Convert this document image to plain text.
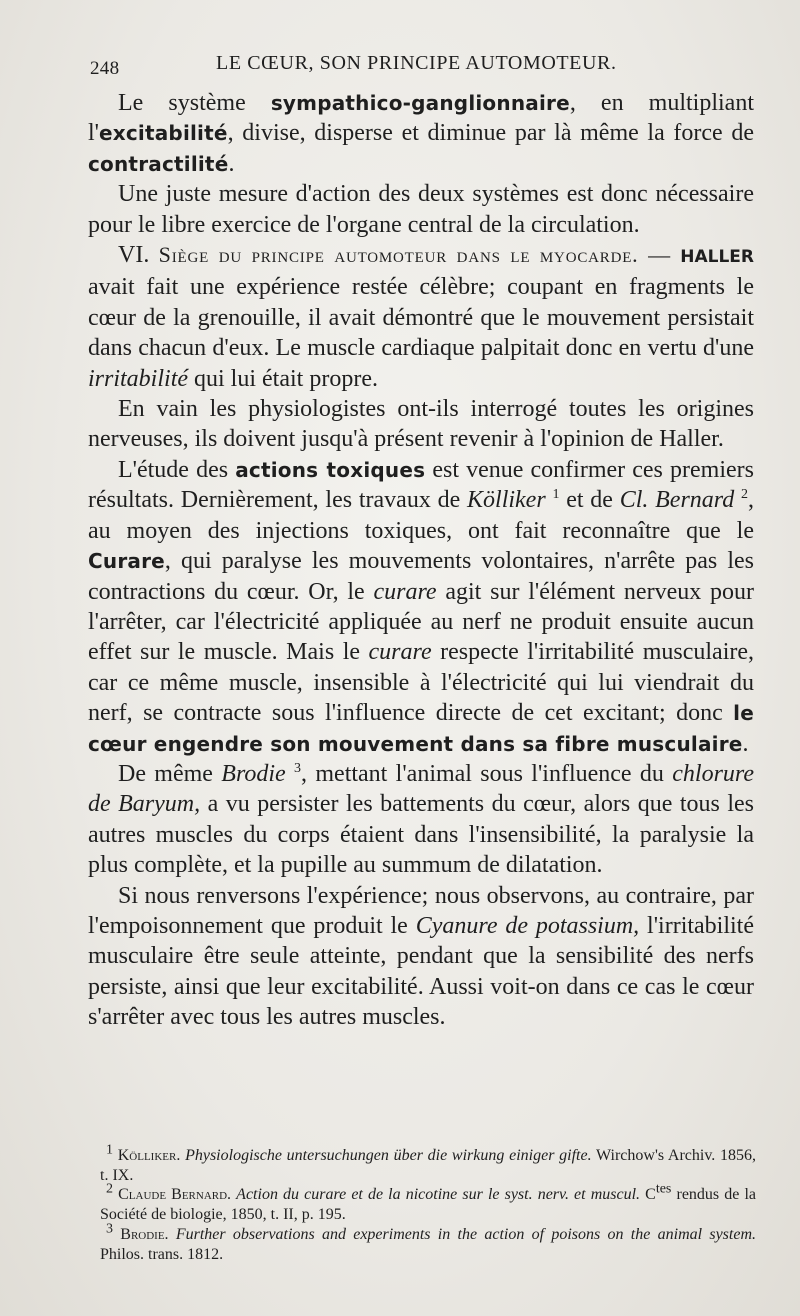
248	LE CŒUR, SON PRINCIPE AUTOMOTEUR.

Le système sympathico-ganglionnaire, en multipliant l'excitabilité, divise, disperse et diminue par là même la force de contractilité.

Une juste mesure d'action des deux systèmes est donc nécessaire pour le libre exercice de l'organe central de la circulation.

VI. Siège du principe automoteur dans le myocarde. — HALLER avait fait une expérience restée célèbre; coupant en fragments le cœur de la grenouille, il avait démontré que le mouvement persistait dans chacun d'eux. Le muscle cardiaque palpitait donc en vertu d'une irritabilité qui lui était propre.

En vain les physiologistes ont-ils interrogé toutes les origines nerveuses, ils doivent jusqu'à présent revenir à l'opinion de Haller.

L'étude des actions toxiques est venue confirmer ces premiers résultats. Dernièrement, les travaux de Kölliker $^1$ et de Cl. Bernard $^2$, au moyen des injections toxiques, ont fait reconnaître que le Curare, qui paralyse les mouvements volontaires, n'arrête pas les contractions du cœur. Or, le curare agit sur l'élément nerveux pour l'arrêter, car l'électricité appliquée au nerf ne produit ensuite aucun effet sur le muscle. Mais le curare respecte l'irritabilité musculaire, car ce même muscle, insensible à l'électricité qui lui viendrait du nerf, se contracte sous l'influence directe de cet excitant; donc le cœur engendre son mouvement dans sa fibre musculaire.

De même Brodie $^3$, mettant l'animal sous l'influence du chlorure de Baryum, a vu persister les battements du cœur, alors que tous les autres muscles du corps étaient dans l'insensibilité, la paralysie la plus complète, et la pupille au summum de dilatation.

Si nous renversons l'expérience; nous observons, au contraire, par l'empoisonnement que produit le Cyanure de potassium, l'irritabilité musculaire être seule atteinte, pendant que la sensibilité des nerfs persiste, ainsi que leur excitabilité. Aussi voit-on dans ce cas le cœur s'arrêter avec tous les autres muscles.

$^1$ Kölliker. Physiologische untersuchungen über die wirkung einiger gifte. Wirchow's Archiv. 1856, t. IX.

$^2$ Claude Bernard. Action du curare et de la nicotine sur le syst. nerv. et muscul. $C^{tes}$ rendus de la Société de biologie, 1850, t. II, p. 195.

$^3$ Brodie. Further observations and experiments in the action of poisons on the animal system. Philos. trans. 1812.
